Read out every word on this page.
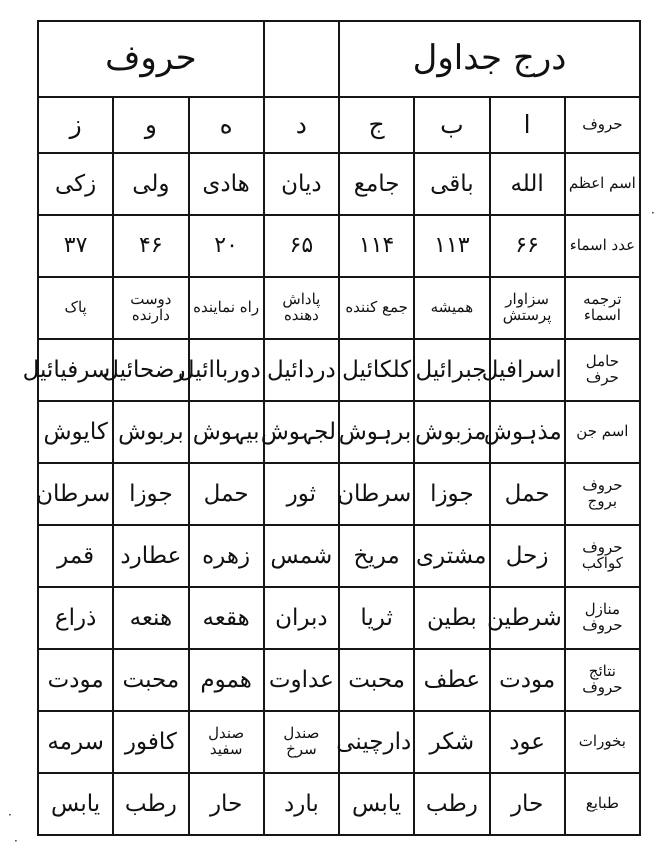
درج جداول					حروف		
حروف	ا	ب	ج	د	ه	و	ز
اسم اعظم	الله	باقی	جامع	دیان	هادی	ولی	زکی
عدد اسماء	۶۶	۱۱۳	۱۱۴	۶۵	۲۰	۴۶	۳۷
ترجمه اسماء	سزاوار پرستش	همیشه	جمع کننده	پاداش دهنده	راه نماینده	دوست دارنده	پاک
حامل حرف	اسرافیل	جبرائیل	کلکائیل	دردائیل	دورباائیل	رضحائیل	سرفیائیل
اسم جن	مذہوش	مزبوش	برہوش	لجہوش	بیہوش	بربوش	کایوش
حروف بروج	حمل	جوزا	سرطان	ثور	حمل	جوزا	سرطان
حروف کواکب	زحل	مشتری	مریخ	شمس	زهره	عطارد	قمر
منازل حروف	شرطین	بطین	ثریا	دبران	هقعه	هنعه	ذراع
نتائج حروف	مودت	عطف	محبت	عداوت	هموم	محبت	مودت
بخورات	عود	شکر	دارچینی	صندل سرخ	صندل سفید	کافور	سرمه
طبایع	حار	رطب	یابس	بارد	حار	رطب	یابس
·
·
·
